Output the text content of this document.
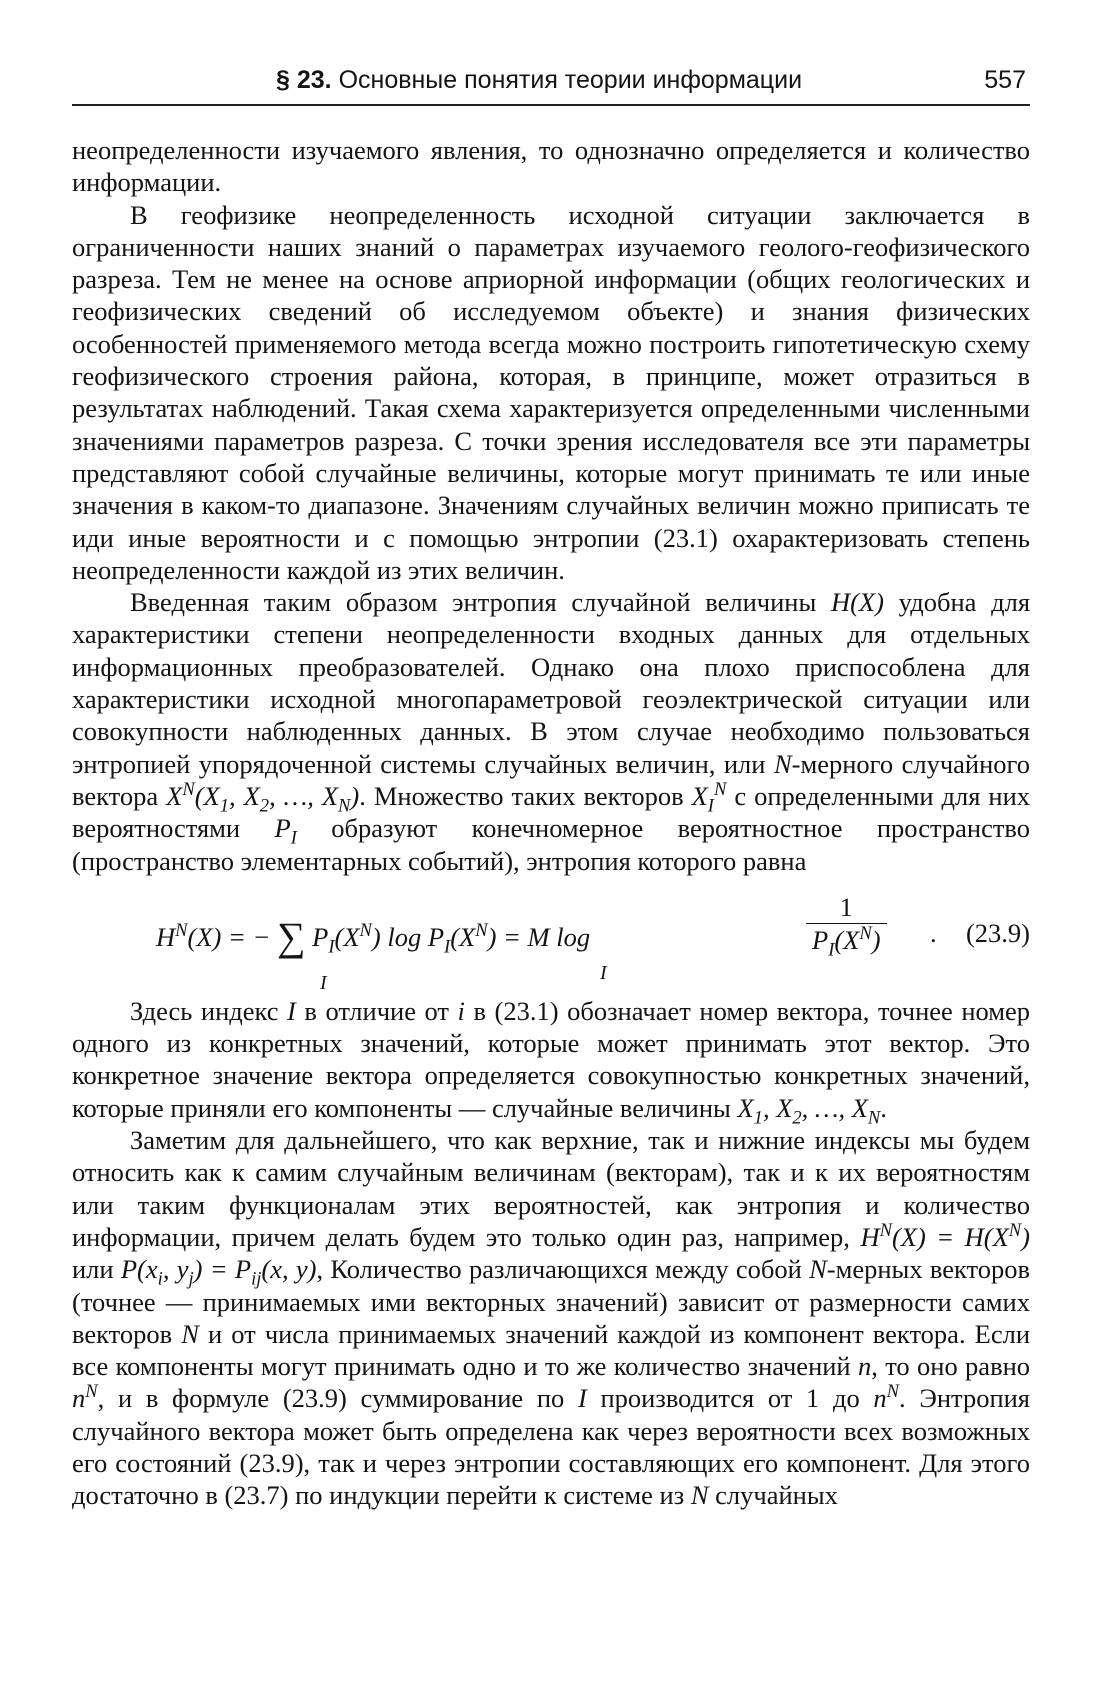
§ 23. Основные понятия теории информации	557

неопределенности изучаемого явления, то однозначно определяется и количество информации.

В геофизике неопределенность исходной ситуации заключается в ограниченности наших знаний о параметрах изучаемого геолого-геофизического разреза. Тем не менее на основе априорной информации (общих геологических и геофизических сведений об исследуемом объекте) и знания физических особенностей применяемого метода всегда можно построить гипотетическую схему геофизического строения района, которая, в принципе, может отразиться в результатах наблюдений. Такая схема характеризуется определенными численными значениями параметров разреза. С точки зрения исследователя все эти параметры представляют собой случайные величины, которые могут принимать те или иные значения в каком-то диапазоне. Значениям случайных величин можно приписать те иди иные вероятности и с помощью энтропии (23.1) охарактеризовать степень неопределенности каждой из этих величин.

Введенная таким образом энтропия случайной величины H(X) удобна для характеристики степени неопределенности входных данных для отдельных информационных преобразователей. Однако она плохо приспособлена для характеристики исходной многопараметровой геоэлектрической ситуации или совокупности наблюденных данных. В этом случае необходимо пользоваться энтропией упорядоченной системы случайных величин, или N-мерного случайного вектора $X^N(X_1$, $X_2$, …, $X_N$). Множество таких векторов $X_I^N$ с определенными для них вероятностями $P_I$ образуют конечномерное вероятностное пространство (пространство элементарных событий), энтропия которого равна

$H^N(X)$ = − ∑ $P_I(X^N)$ $\log P_I(X^N) = M$ log
I	I
$\frac{1}{P_I(X^N)}$ . (23.9)

Здесь индекс I в отличие от i в (23.1) обозначает номер вектора, точнее номер одного из конкретных значений, которые может принимать этот вектор. Это конкретное значение вектора определяется совокупностью конкретных значений, которые приняли его компоненты — случайные величины $X_1$, $X_2$, …, $X_N$.

Заметим для дальнейшего, что как верхние, так и нижние индексы мы будем относить как к самим случайным величинам (векторам), так и к их вероятностям или таким функционалам этих вероятностей, как энтропия и количество информации, причем делать будем это только один раз, например, $H^N(X) = H(X^N)$ или $P(x_i$, $y_j) = P_{ij}(x$, y), Количество различающихся между собой N-мерных векторов (точнее — принимаемых ими векторных значений) зависит от размерности самих векторов N и от числа принимаемых значений каждой из компонент вектора. Если все компоненты могут принимать одно и то же количество значений n, то оно равно $n^N$, и в формуле (23.9) суммирование по I производится от 1 до $n^N$. Энтропия случайного вектора может быть определена как через вероятности всех возможных его состояний (23.9), так и через энтропии составляющих его компонент. Для этого достаточно в (23.7) по индукции перейти к системе из N случайных
